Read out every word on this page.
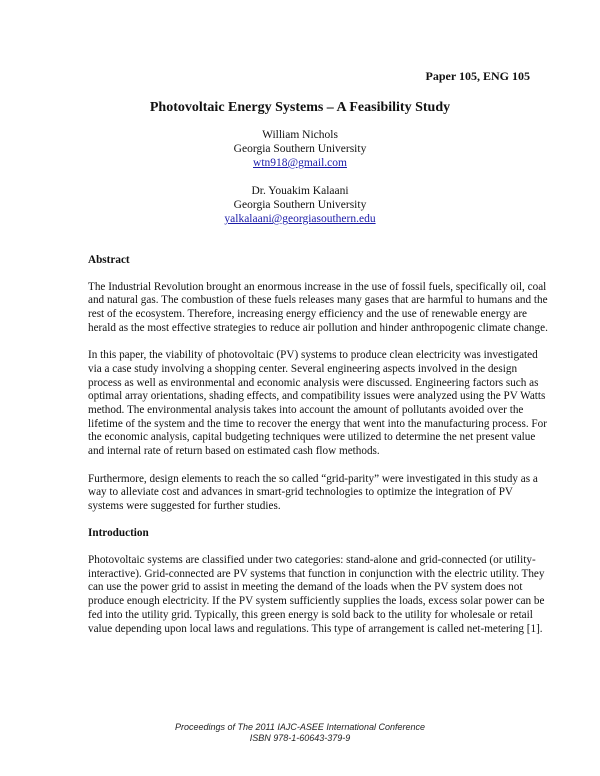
Paper 105, ENG 105
Photovoltaic Energy Systems – A Feasibility Study
William Nichols
Georgia Southern University
wtn918@gmail.com
Dr. Youakim Kalaani
Georgia Southern University
yalkalaani@georgiasouthern.edu

Abstract

The Industrial Revolution brought an enormous increase in the use of fossil fuels, specifically oil, coal and natural gas. The combustion of these fuels releases many gases that are harmful to humans and the rest of the ecosystem. Therefore, increasing energy efficiency and the use of renewable energy are herald as the most effective strategies to reduce air pollution and hinder anthropogenic climate change.

In this paper, the viability of photovoltaic (PV) systems to produce clean electricity was investigated via a case study involving a shopping center. Several engineering aspects involved in the design process as well as environmental and economic analysis were discussed. Engineering factors such as optimal array orientations, shading effects, and compatibility issues were analyzed using the PV Watts method. The environmental analysis takes into account the amount of pollutants avoided over the lifetime of the system and the time to recover the energy that went into the manufacturing process. For the economic analysis, capital budgeting techniques were utilized to determine the net present value and internal rate of return based on estimated cash flow methods.

Furthermore, design elements to reach the so called “grid-parity” were investigated in this study as a way to alleviate cost and advances in smart-grid technologies to optimize the integration of PV systems were suggested for further studies.

Introduction

Photovoltaic systems are classified under two categories: stand-alone and grid-connected (or utility-interactive). Grid-connected are PV systems that function in conjunction with the electric utility. They can use the power grid to assist in meeting the demand of the loads when the PV system does not produce enough electricity. If the PV system sufficiently supplies the loads, excess solar power can be fed into the utility grid. Typically, this green energy is sold back to the utility for wholesale or retail value depending upon local laws and regulations. This type of arrangement is called net-metering [1].

Proceedings of The 2011 IAJC-ASEE International Conference
ISBN 978-1-60643-379-9
